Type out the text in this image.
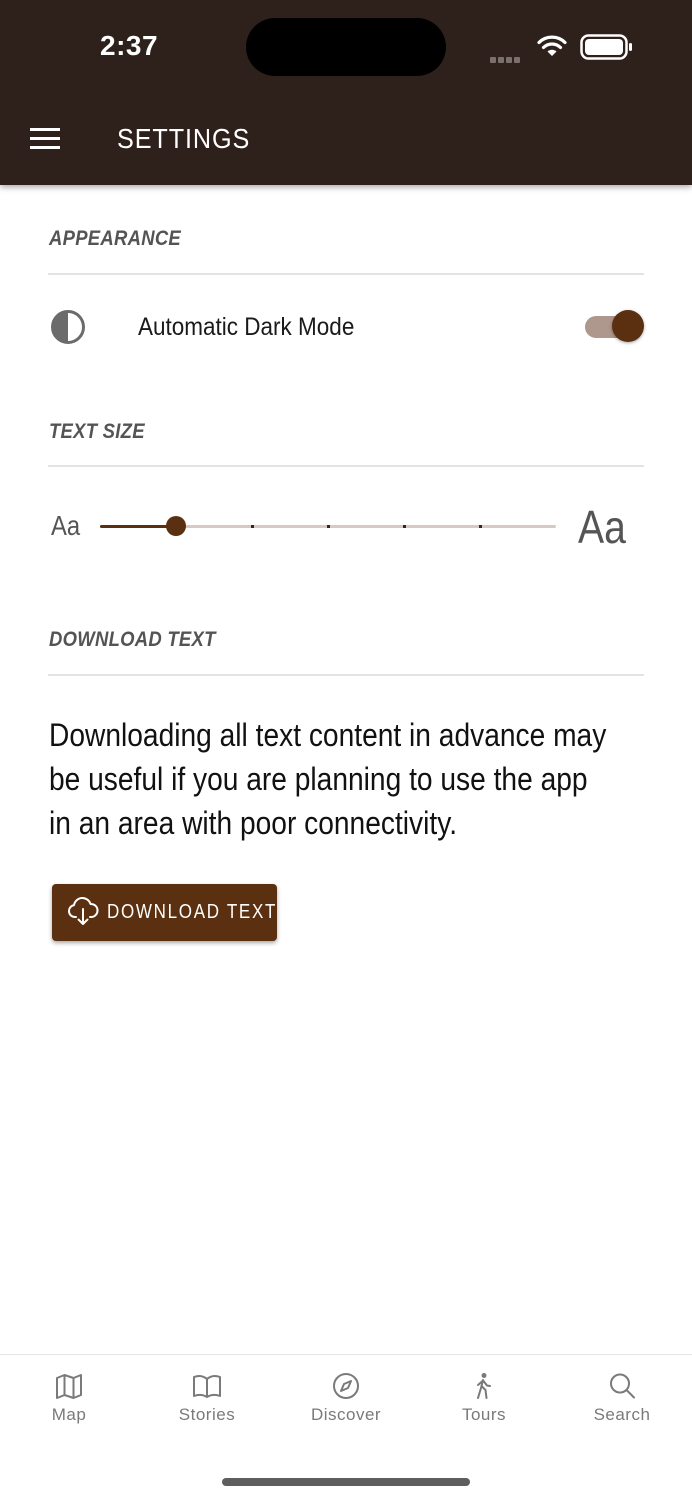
2:37
SETTINGS
APPEARANCE
Automatic Dark Mode
TEXT SIZE
Aa	Aa
DOWNLOAD TEXT
Downloading all text content in advance may be useful if you are planning to use the app in an area with poor connectivity.
DOWNLOAD TEXT
Map	Stories	Discover	Tours	Search
